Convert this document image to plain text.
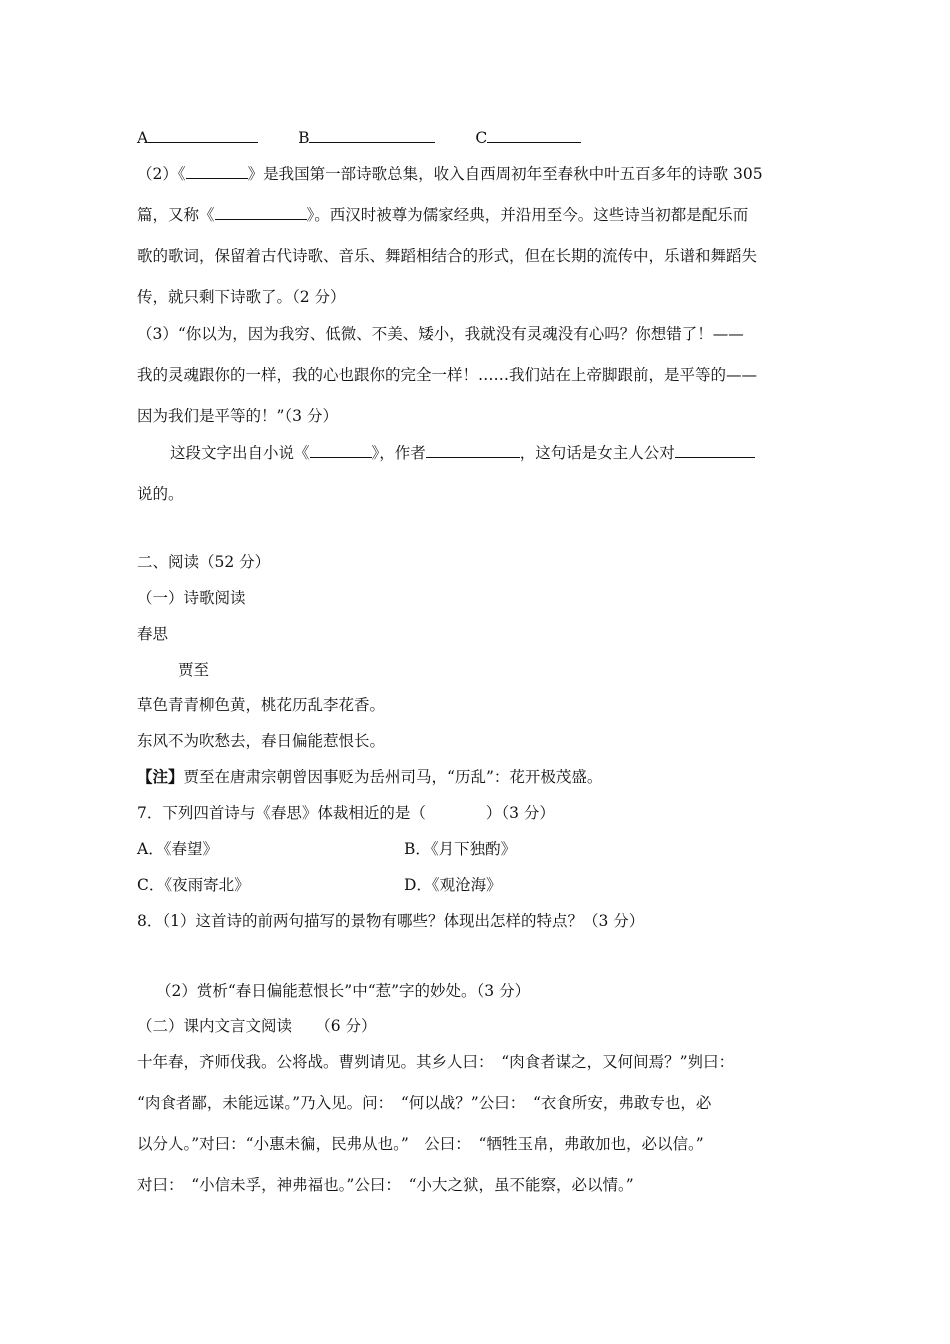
A	B	C
（2）《	》是我国第一部诗歌总集，收入自西周初年至春秋中叶五百多年的诗歌 305
篇，又称《	》。西汉时被尊为儒家经典，并沿用至今。这些诗当初都是配乐而
歌的歌词，保留着古代诗歌、音乐、舞蹈相结合的形式，但在长期的流传中，乐谱和舞蹈失
传，就只剩下诗歌了。（2 分）
（3）“你以为，因为我穷、低微、不美、矮小，我就没有灵魂没有心吗？你想错了！——
我的灵魂跟你的一样，我的心也跟你的完全一样！……我们站在上帝脚跟前，是平等的——
因为我们是平等的！”（3 分）
这段文字出自小说《	》，作者	，这句话是女主人公对
说的。
二、阅读（52 分）
（一）诗歌阅读
春思
贾至
草色青青柳色黄，桃花历乱李花香。
东风不为吹愁去，春日偏能惹恨长。
【注】贾至在唐肃宗朝曾因事贬为岳州司马，“历乱”：花开极茂盛。
7．下列四首诗与《春思》体裁相近的是（	）（3 分）
A．《春望》	B．《月下独酌》
C．《夜雨寄北》	D．《观沧海》
8．（1）这首诗的前两句描写的景物有哪些？体现出怎样的特点？（3 分）
（2）赏析“春日偏能惹恨长”中“惹”字的妙处。（3 分）
（二）课内文言文阅读　　（6 分）
十年春，齐师伐我。公将战。曹刿请见。其乡人曰：　“肉食者谋之，又何间焉？”刿曰：
“肉食者鄙，未能远谋。”乃入见。问：　“何以战？”公曰：　“衣食所安，弗敢专也，必
以分人。”对曰：“小惠未徧，民弗从也。”　公曰：　“牺牲玉帛，弗敢加也，必以信。”
对曰：　“小信未孚，神弗福也。”公曰：　“小大之狱，虽不能察，必以情。”
